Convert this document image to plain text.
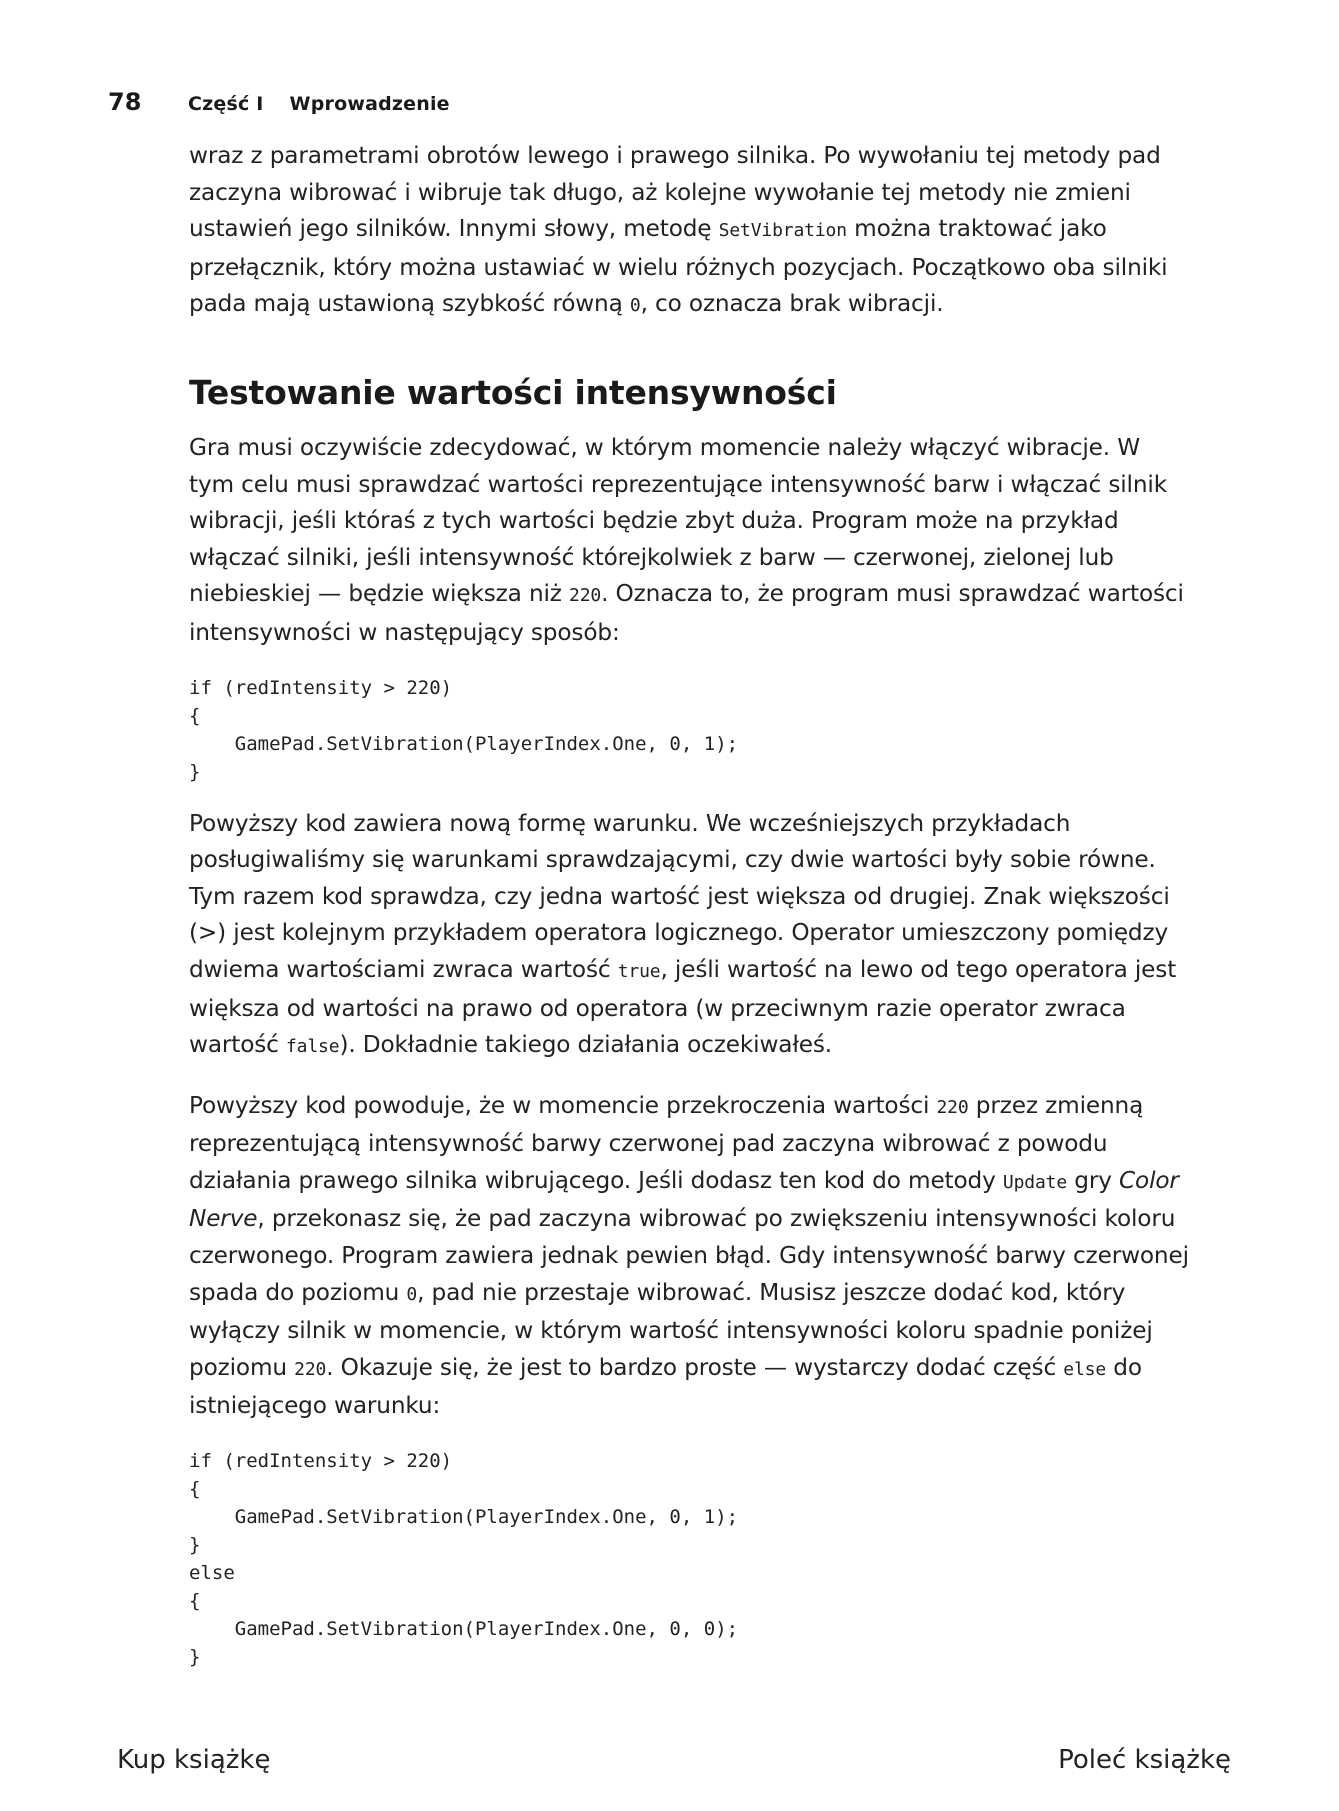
78	Część I Wprowadzenie

wraz z parametrami obrotów lewego i prawego silnika. Po wywołaniu tej metody pad zaczyna wibrować i wibruje tak długo, aż kolejne wywołanie tej metody nie zmieni ustawień jego silników. Innymi słowy, metodę SetVibration można traktować jako przełącznik, który można ustawiać w wielu różnych pozycjach. Początkowo oba silniki pada mają ustawioną szybkość równą 0, co oznacza brak wibracji.

Testowanie wartości intensywności

Gra musi oczywiście zdecydować, w którym momencie należy włączyć wibracje. W tym celu musi sprawdzać wartości reprezentujące intensywność barw i włączać silnik wibracji, jeśli któraś z tych wartości będzie zbyt duża. Program może na przykład włączać silniki, jeśli intensywność którejkolwiek z barw — czerwonej, zielonej lub niebieskiej — będzie większa niż 220. Oznacza to, że program musi sprawdzać wartości intensywności w następujący sposób:

if (redIntensity > 220)
{
GamePad.SetVibration(PlayerIndex.One, 0, 1);
}

Powyższy kod zawiera nową formę warunku. We wcześniejszych przykładach posługiwaliśmy się warunkami sprawdzającymi, czy dwie wartości były sobie równe. Tym razem kod sprawdza, czy jedna wartość jest większa od drugiej. Znak większości (>) jest kolejnym przykładem operatora logicznego. Operator umieszczony pomiędzy dwiema wartościami zwraca wartość true, jeśli wartość na lewo od tego operatora jest większa od wartości na prawo od operatora (w przeciwnym razie operator zwraca wartość false). Dokładnie takiego działania oczekiwałeś.

Powyższy kod powoduje, że w momencie przekroczenia wartości 220 przez zmienną reprezentującą intensywność barwy czerwonej pad zaczyna wibrować z powodu działania prawego silnika wibrującego. Jeśli dodasz ten kod do metody Update gry Color Nerve, przekonasz się, że pad zaczyna wibrować po zwiększeniu intensywności koloru czerwonego. Program zawiera jednak pewien błąd. Gdy intensywność barwy czerwonej spada do poziomu 0, pad nie przestaje wibrować. Musisz jeszcze dodać kod, który wyłączy silnik w momencie, w którym wartość intensywności koloru spadnie poniżej poziomu 220. Okazuje się, że jest to bardzo proste — wystarczy dodać część else do istniejącego warunku:

if (redIntensity > 220)
{
GamePad.SetVibration(PlayerIndex.One, 0, 1);
}
else
{
GamePad.SetVibration(PlayerIndex.One, 0, 0);
}
Kup książkę	Poleć książkę
